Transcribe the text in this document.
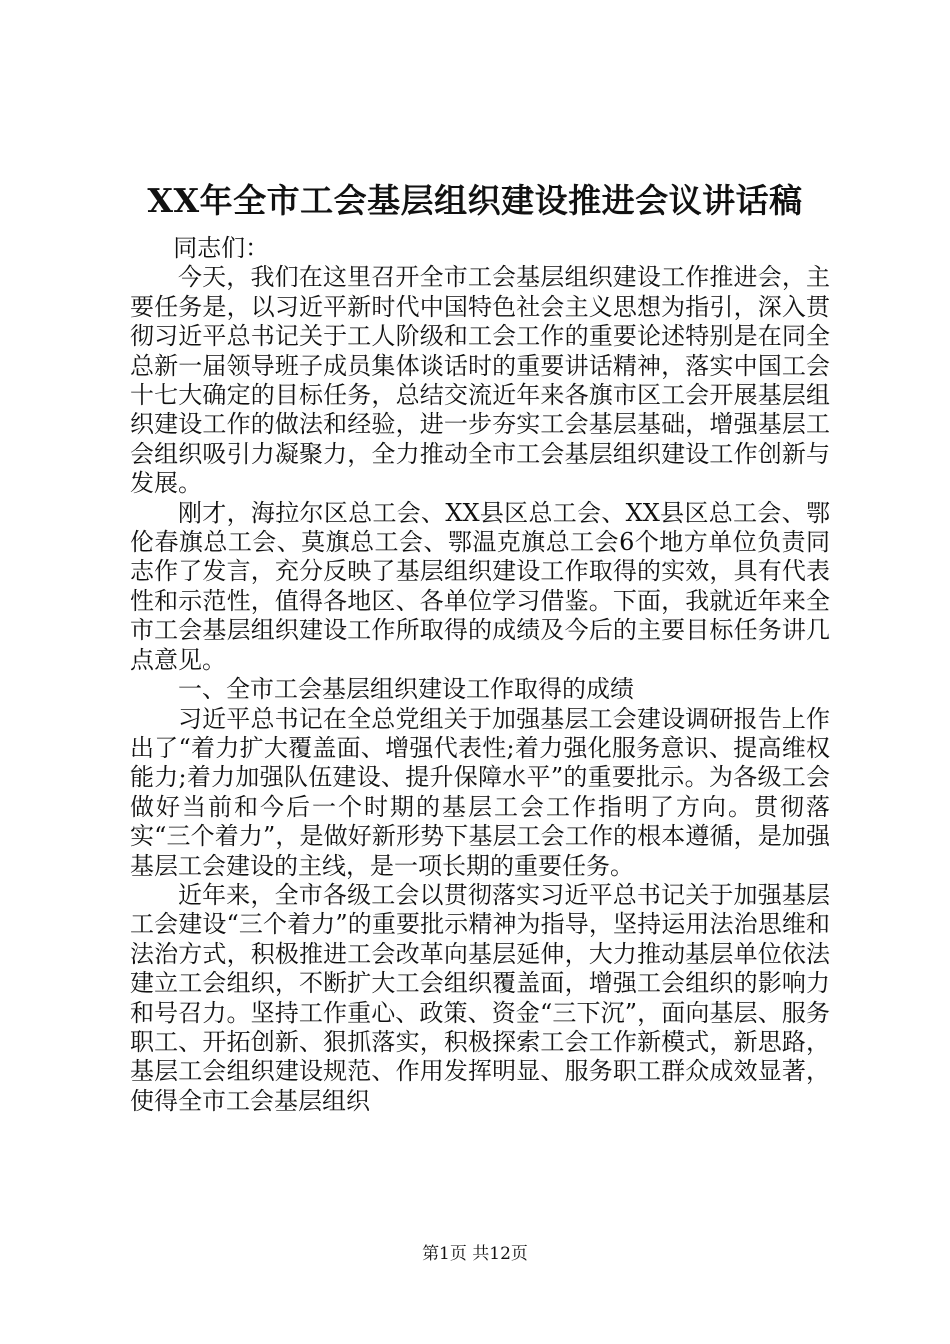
XX年全市工会基层组织建设推进会议讲话稿

同志们：

今天，我们在这里召开全市工会基层组织建设工作推进会，主要任务是，以习近平新时代中国特色社会主义思想为指引，深入贯彻习近平总书记关于工人阶级和工会工作的重要论述特别是在同全总新一届领导班子成员集体谈话时的重要讲话精神，落实中国工会十七大确定的目标任务，总结交流近年来各旗市区工会开展基层组织建设工作的做法和经验，进一步夯实工会基层基础，增强基层工会组织吸引力凝聚力，全力推动全市工会基层组织建设工作创新与发展。

刚才，海拉尔区总工会、XX县区总工会、XX县区总工会、鄂伦春旗总工会、莫旗总工会、鄂温克旗总工会6个地方单位负责同志作了发言，充分反映了基层组织建设工作取得的实效，具有代表性和示范性，值得各地区、各单位学习借鉴。下面，我就近年来全市工会基层组织建设工作所取得的成绩及今后的主要目标任务讲几点意见。

一、全市工会基层组织建设工作取得的成绩

习近平总书记在全总党组关于加强基层工会建设调研报告上作出了“着力扩大覆盖面、增强代表性;着力强化服务意识、提高维权能力;着力加强队伍建设、提升保障水平”的重要批示。为各级工会做好当前和今后一个时期的基层工会工作指明了方向。贯彻落实“三个着力”，是做好新形势下基层工会工作的根本遵循，是加强基层工会建设的主线，是一项长期的重要任务。

近年来，全市各级工会以贯彻落实习近平总书记关于加强基层工会建设“三个着力”的重要批示精神为指导，坚持运用法治思维和法治方式，积极推进工会改革向基层延伸，大力推动基层单位依法建立工会组织，不断扩大工会组织覆盖面，增强工会组织的影响力和号召力。坚持工作重心、政策、资金“三下沉”，面向基层、服务职工、开拓创新、狠抓落实，积极探索工会工作新模式，新思路，基层工会组织建设规范、作用发挥明显、服务职工群众成效显著，使得全市工会基层组织

第1页 共12页
